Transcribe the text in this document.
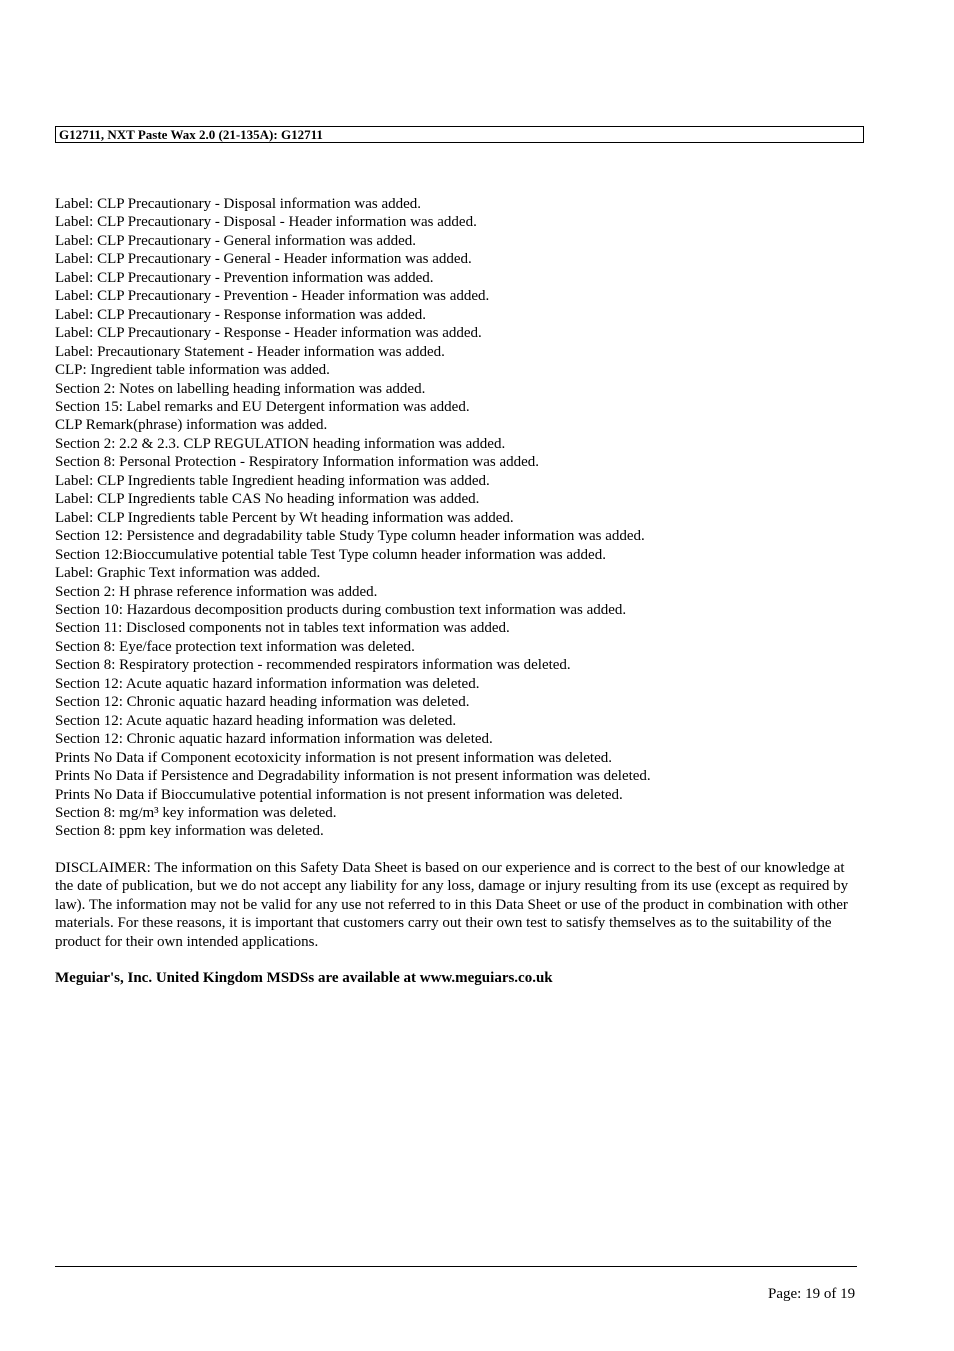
G12711, NXT Paste Wax 2.0 (21-135A): G12711
Label: CLP Precautionary - Disposal information was added.
Label: CLP Precautionary - Disposal - Header information was added.
Label: CLP Precautionary - General information was added.
Label: CLP Precautionary - General - Header information was added.
Label: CLP Precautionary - Prevention information was added.
Label: CLP Precautionary - Prevention - Header information was added.
Label: CLP Precautionary - Response information was added.
Label: CLP Precautionary - Response - Header information was added.
Label: Precautionary Statement - Header information was added.
CLP: Ingredient table information was added.
Section 2: Notes on labelling heading information was added.
Section 15: Label remarks and EU Detergent information was added.
CLP Remark(phrase) information was added.
Section 2: 2.2 & 2.3. CLP REGULATION heading information was added.
Section 8: Personal Protection - Respiratory Information information was added.
Label: CLP Ingredients table Ingredient heading information was added.
Label: CLP Ingredients table CAS No heading information was added.
Label: CLP Ingredients table Percent by Wt heading information was added.
Section 12: Persistence and degradability table Study Type column header information was added.
Section 12:Bioccumulative potential table Test Type column header information was added.
Label: Graphic Text information was added.
Section 2: H phrase reference information was added.
Section 10: Hazardous decomposition products during combustion text information was added.
Section 11: Disclosed components not in tables text information was added.
Section 8: Eye/face protection text information was deleted.
Section 8: Respiratory protection - recommended respirators information was deleted.
Section 12: Acute aquatic hazard information information was deleted.
Section 12: Chronic aquatic hazard heading information was deleted.
Section 12: Acute aquatic hazard heading information was deleted.
Section 12: Chronic aquatic hazard information information was deleted.
Prints No Data if Component ecotoxicity information is not present information was deleted.
Prints No Data if Persistence and Degradability information is not present information was deleted.
Prints No Data if Bioccumulative potential information is not present information was deleted.
Section 8: mg/m³ key information was deleted.
Section 8: ppm key information was deleted.

DISCLAIMER: The information on this Safety Data Sheet is based on our experience and is correct to the best of our knowledge at the date of publication, but we do not accept any liability for any loss, damage or injury resulting from its use (except as required by law). The information may not be valid for any use not referred to in this Data Sheet or use of the product in combination with other materials. For these reasons, it is important that customers carry out their own test to satisfy themselves as to the suitability of the product for their own intended applications.

Meguiar's, Inc. United Kingdom MSDSs are available at www.meguiars.co.uk

Page: 19 of 19
